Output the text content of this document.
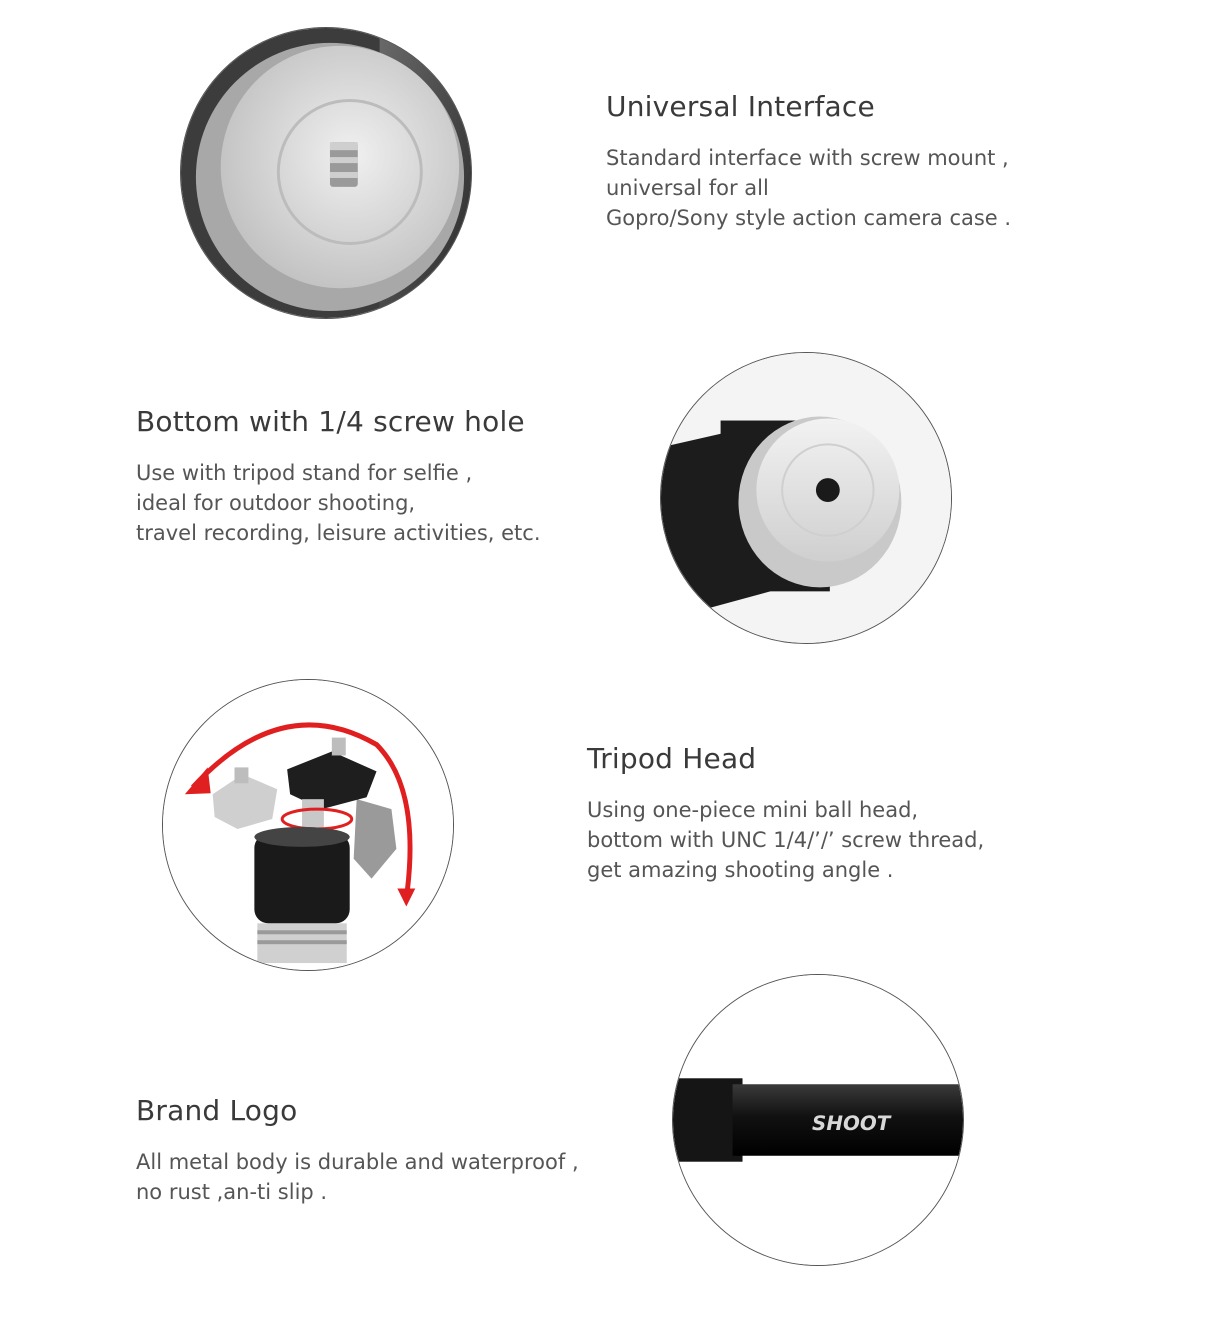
Universal Interface
Standard interface with screw mount ,
universal for all
Gopro/Sony style action camera case .
Bottom with 1/4 screw hole
Use with tripod stand for selfie ,
ideal for outdoor shooting,
travel recording, leisure activities, etc.
Tripod Head
Using one-piece mini ball head,
bottom with UNC 1/4/’/’ screw thread,
get amazing shooting angle .
Brand Logo
All metal body is durable and waterproof ,
no rust ,an-ti slip .
SHOOT
